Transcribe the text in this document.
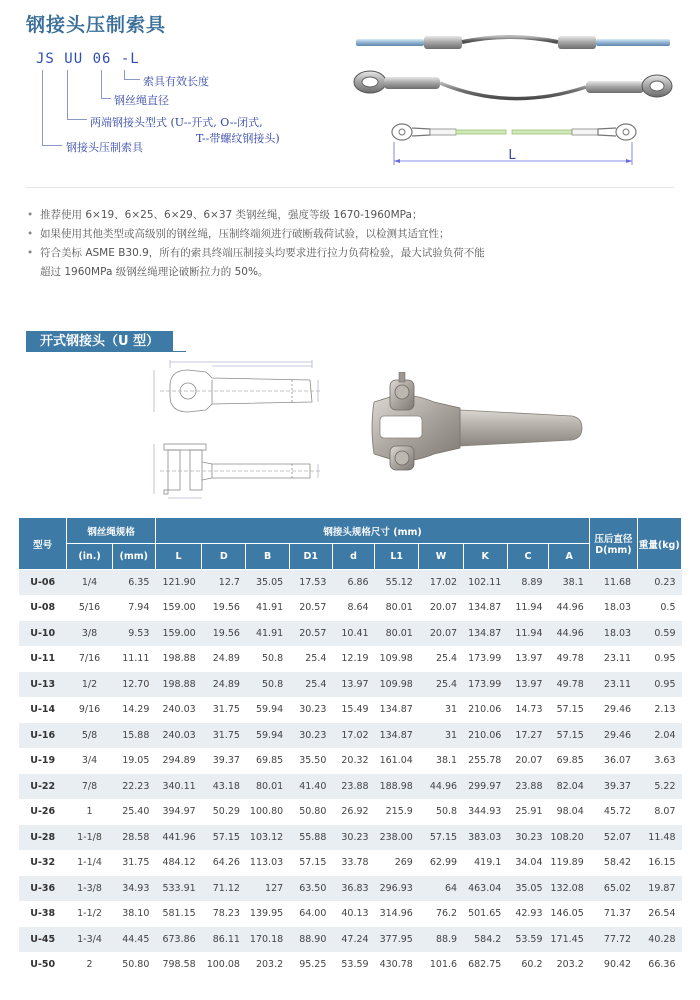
钢接头压制索具
JS UU 06 -L
索具有效长度
钢丝绳直径
两端钢接头型式 (U--开式, O--闭式,
T--带螺纹钢接头)
钢接头压制索具
L
• 推荐使用 6×19、6×25、6×29、6×37 类钢丝绳，强度等级 1670-1960MPa；
• 如果使用其他类型或高级别的钢丝绳，压制终端须进行破断载荷试验，以检测其适宜性；
• 符合美标 ASME B30.9，所有的索具终端压制接头均要求进行拉力负荷检验，最大试验负荷不能
超过 1960MPa 级钢丝绳理论破断拉力的 50%。
开式钢接头（U 型）
型号	钢丝绳规格		钢接头规格尺寸 (mm)										压后直径D(mm)	重量(kg)
	(in.)	(mm)	L	D	B	D1	d	L1	W	K	C	A		
U-06	1/4	6.35	121.90	12.7	35.05	17.53	6.86	55.12	17.02	102.11	8.89	38.1	11.68	0.23
U-08	5/16	7.94	159.00	19.56	41.91	20.57	8.64	80.01	20.07	134.87	11.94	44.96	18.03	0.5
U-10	3/8	9.53	159.00	19.56	41.91	20.57	10.41	80.01	20.07	134.87	11.94	44.96	18.03	0.59
U-11	7/16	11.11	198.88	24.89	50.8	25.4	12.19	109.98	25.4	173.99	13.97	49.78	23.11	0.95
U-13	1/2	12.70	198.88	24.89	50.8	25.4	13.97	109.98	25.4	173.99	13.97	49.78	23.11	0.95
U-14	9/16	14.29	240.03	31.75	59.94	30.23	15.49	134.87	31	210.06	14.73	57.15	29.46	2.13
U-16	5/8	15.88	240.03	31.75	59.94	30.23	17.02	134.87	31	210.06	17.27	57.15	29.46	2.04
U-19	3/4	19.05	294.89	39.37	69.85	35.50	20.32	161.04	38.1	255.78	20.07	69.85	36.07	3.63
U-22	7/8	22.23	340.11	43.18	80.01	41.40	23.88	188.98	44.96	299.97	23.88	82.04	39.37	5.22
U-26	1	25.40	394.97	50.29	100.80	50.80	26.92	215.9	50.8	344.93	25.91	98.04	45.72	8.07
U-28	1-1/8	28.58	441.96	57.15	103.12	55.88	30.23	238.00	57.15	383.03	30.23	108.20	52.07	11.48
U-32	1-1/4	31.75	484.12	64.26	113.03	57.15	33.78	269	62.99	419.1	34.04	119.89	58.42	16.15
U-36	1-3/8	34.93	533.91	71.12	127	63.50	36.83	296.93	64	463.04	35.05	132.08	65.02	19.87
U-38	1-1/2	38.10	581.15	78.23	139.95	64.00	40.13	314.96	76.2	501.65	42.93	146.05	71.37	26.54
U-45	1-3/4	44.45	673.86	86.11	170.18	88.90	47.24	377.95	88.9	584.2	53.59	171.45	77.72	40.28
U-50	2	50.80	798.58	100.08	203.2	95.25	53.59	430.78	101.6	682.75	60.2	203.2	90.42	66.36
